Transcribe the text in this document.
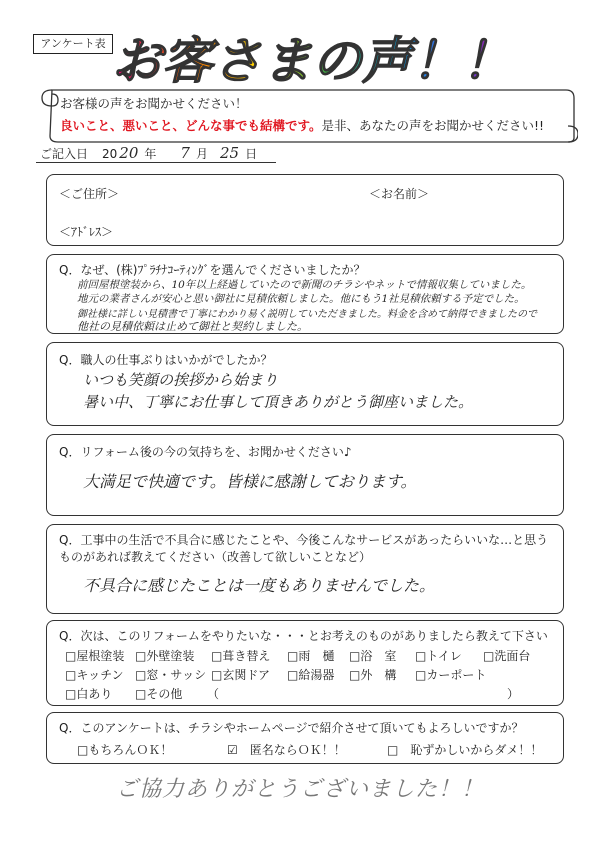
アンケート表 お客さまの声！！
お客様の声をお聞かせください！
良いこと、悪いこと、どんな事でも結構です。是非、あなたの声をお聞かせください!!
ご記入日 20 20 年 7 月 25 日
＜ご住所＞	＜お名前＞
＜ｱﾄﾞﾚｽ＞
Q．なぜ、(株)ﾌﾟﾗﾁﾅｺｰﾃｨﾝｸﾞを選んでくださいましたか？
前回屋根塗装から、10年以上経過していたので新聞のチラシやネットで情報収集していました。
地元の業者さんが安心と思い御社に見積依頼しました。他にもう1社見積依頼する予定でした。
御社様に詳しい見積書で丁寧にわかり易く説明していただきました。料金を含めて納得できましたので
他社の見積依頼は止めて御社と契約しました。
Q．職人の仕事ぶりはいかがでしたか？
いつも笑顔の挨拶から始まり
暑い中、丁寧にお仕事して頂きありがとう御座いました。
Q．リフォーム後の今の気持ちを、お聞かせください♪
大満足で快適です。皆様に感謝しております。
Q．工事中の生活で不具合に感じたことや、今後こんなサービスがあったらいいな…と思う
ものがあれば教えてください（改善して欲しいことなど）
不具合に感じたことは一度もありませんでした。
Q．次は、このリフォームをやりたいな・・・とお考えのものがありましたら教えて下さい
□屋根塗装 □外壁塗装 □葺き替え □雨　樋 □浴　室 □トイレ □洗面台
□キッチン □窓・サッシ □玄関ドア □給湯器 □外　構 □カーポート
□白あり □その他 （	）
Q．このアンケートは、チラシやホームページで紹介させて頂いてもよろしいですか？
□もちろんＯＫ！	☑　匿名ならＯＫ！！	□　恥ずかしいからダメ！！
ご協力ありがとうございました！！
